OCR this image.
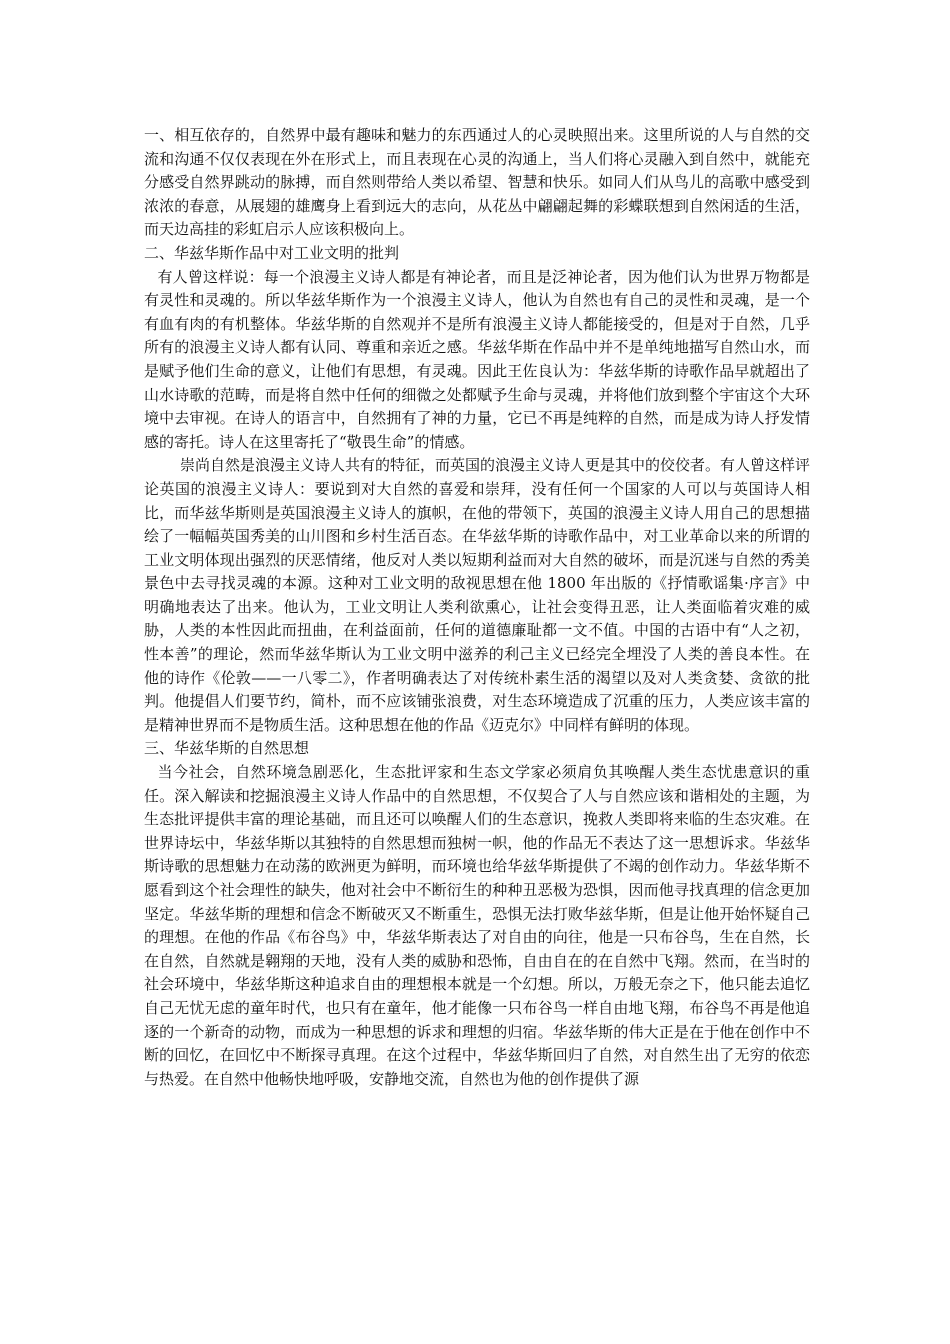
一、相互依存的，自然界中最有趣味和魅力的东西通过人的心灵映照出来。这里所说的人与自然的交流和沟通不仅仅表现在外在形式上，而且表现在心灵的沟通上，当人们将心灵融入到自然中，就能充分感受自然界跳动的脉搏，而自然则带给人类以希望、智慧和快乐。如同人们从鸟儿的高歌中感受到浓浓的春意，从展翅的雄鹰身上看到远大的志向，从花丛中翩翩起舞的彩蝶联想到自然闲适的生活，而天边高挂的彩虹启示人应该积极向上。

二、华兹华斯作品中对工业文明的批判

有人曾这样说：每一个浪漫主义诗人都是有神论者，而且是泛神论者，因为他们认为世界万物都是有灵性和灵魂的。所以华兹华斯作为一个浪漫主义诗人，他认为自然也有自己的灵性和灵魂，是一个有血有肉的有机整体。华兹华斯的自然观并不是所有浪漫主义诗人都能接受的，但是对于自然，几乎所有的浪漫主义诗人都有认同、尊重和亲近之感。华兹华斯在作品中并不是单纯地描写自然山水，而是赋予他们生命的意义，让他们有思想，有灵魂。因此王佐良认为：华兹华斯的诗歌作品早就超出了山水诗歌的范畴，而是将自然中任何的细微之处都赋予生命与灵魂，并将他们放到整个宇宙这个大环境中去审视。在诗人的语言中，自然拥有了神的力量，它已不再是纯粹的自然，而是成为诗人抒发情感的寄托。诗人在这里寄托了“敬畏生命”的情感。

崇尚自然是浪漫主义诗人共有的特征，而英国的浪漫主义诗人更是其中的佼佼者。有人曾这样评论英国的浪漫主义诗人：要说到对大自然的喜爱和崇拜，没有任何一个国家的人可以与英国诗人相比，而华兹华斯则是英国浪漫主义诗人的旗帜，在他的带领下，英国的浪漫主义诗人用自己的思想描绘了一幅幅英国秀美的山川图和乡村生活百态。在华兹华斯的诗歌作品中，对工业革命以来的所谓的工业文明体现出强烈的厌恶情绪，他反对人类以短期利益而对大自然的破坏，而是沉迷与自然的秀美景色中去寻找灵魂的本源。这种对工业文明的敌视思想在他 1800 年出版的《抒情歌谣集·序言》中明确地表达了出来。他认为，工业文明让人类利欲熏心，让社会变得丑恶，让人类面临着灾难的威胁，人类的本性因此而扭曲，在利益面前，任何的道德廉耻都一文不值。中国的古语中有“人之初，性本善”的理论，然而华兹华斯认为工业文明中滋养的利己主义已经完全埋没了人类的善良本性。在他的诗作《伦敦——一八零二》，作者明确表达了对传统朴素生活的渴望以及对人类贪婪、贪欲的批判。他提倡人们要节约，简朴，而不应该铺张浪费，对生态环境造成了沉重的压力，人类应该丰富的是精神世界而不是物质生活。这种思想在他的作品《迈克尔》中同样有鲜明的体现。

三、华兹华斯的自然思想

当今社会，自然环境急剧恶化，生态批评家和生态文学家必须肩负其唤醒人类生态忧患意识的重任。深入解读和挖掘浪漫主义诗人作品中的自然思想，不仅契合了人与自然应该和谐相处的主题，为生态批评提供丰富的理论基础，而且还可以唤醒人们的生态意识，挽救人类即将来临的生态灾难。在世界诗坛中，华兹华斯以其独特的自然思想而独树一帜，他的作品无不表达了这一思想诉求。华兹华斯诗歌的思想魅力在动荡的欧洲更为鲜明，而环境也给华兹华斯提供了不竭的创作动力。华兹华斯不愿看到这个社会理性的缺失，他对社会中不断衍生的种种丑恶极为恐惧，因而他寻找真理的信念更加坚定。华兹华斯的理想和信念不断破灭又不断重生，恐惧无法打败华兹华斯，但是让他开始怀疑自己的理想。在他的作品《布谷鸟》中，华兹华斯表达了对自由的向往，他是一只布谷鸟，生在自然，长在自然，自然就是翱翔的天地，没有人类的威胁和恐怖，自由自在的在自然中飞翔。然而，在当时的社会环境中，华兹华斯这种追求自由的理想根本就是一个幻想。所以，万般无奈之下，他只能去追忆自己无忧无虑的童年时代，也只有在童年，他才能像一只布谷鸟一样自由地飞翔，布谷鸟不再是他追逐的一个新奇的动物，而成为一种思想的诉求和理想的归宿。华兹华斯的伟大正是在于他在创作中不断的回忆，在回忆中不断探寻真理。在这个过程中，华兹华斯回归了自然，对自然生出了无穷的依恋与热爱。在自然中他畅快地呼吸，安静地交流，自然也为他的创作提供了源
